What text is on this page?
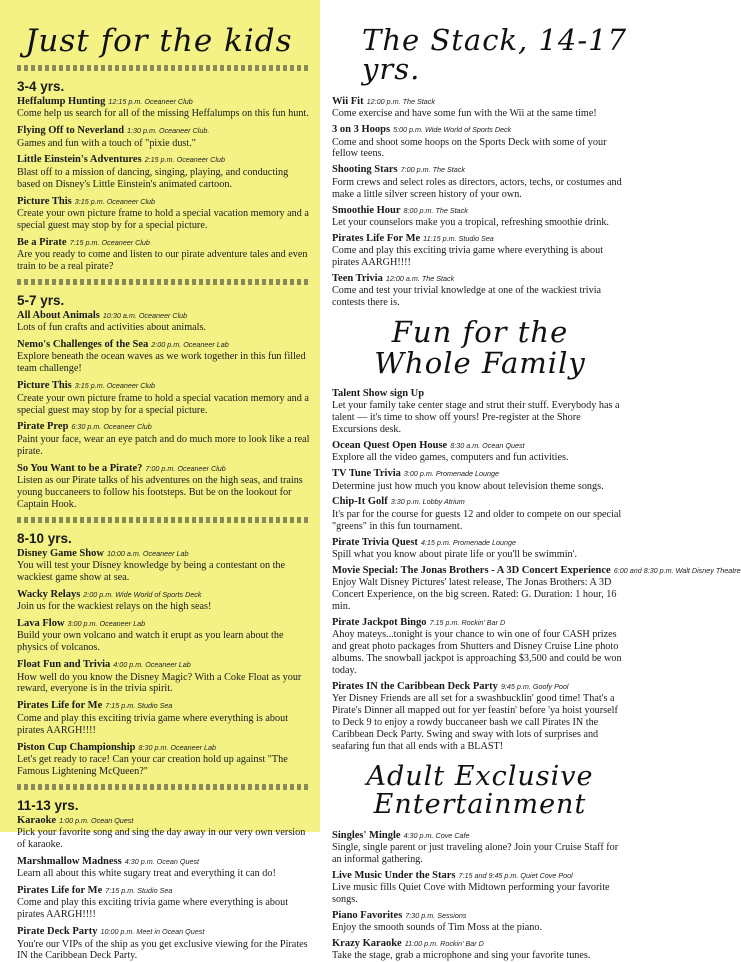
Just for the kids
3-4 yrs.
Heffalump Hunting 12:15 p.m. Oceaneer Club
Come help us search for all of the missing Heffalumps on this fun hunt.
Flying Off to Neverland 1:30 p.m. Oceaneer Club.
Games and fun with a touch of "pixie dust."
Little Einstein's Adventures 2:15 p.m. Oceaneer Club
Blast off to a mission of dancing, singing, playing, and conducting based on Disney's Little Einstein's animated cartoon.
Picture This 3:15 p.m. Oceaneer Club
Create your own picture frame to hold a special vacation memory and a special guest may stop by for a special picture.
Be a Pirate 7:15 p.m. Oceaneer Club
Are you ready to come and listen to our pirate adventure tales and even train to be a real pirate?
5-7 yrs.
All About Animals 10:30 a.m. Oceaneer Club
Lots of fun crafts and activities about animals.
Nemo's Challenges of the Sea 2:00 p.m. Oceaneer Lab
Explore beneath the ocean waves as we work together in this fun filled team challenge!
Picture This 3:15 p.m. Oceaneer Club
Create your own picture frame to hold a special vacation memory and a special guest may stop by for a special picture.
Pirate Prep 6:30 p.m. Oceaneer Club
Paint your face, wear an eye patch and do much more to look like a real pirate.
So You Want to be a Pirate? 7:00 p.m. Oceaneer Club
Listen as our Pirate talks of his adventures on the high seas, and trains young buccaneers to follow his footsteps. But be on the lookout for Captain Hook.
8-10 yrs.
Disney Game Show 10:00 a.m. Oceaneer Lab
You will test your Disney knowledge by being a contestant on the wackiest game show at sea.
Wacky Relays 2:00 p.m. Wide World of Sports Deck
Join us for the wackiest relays on the high seas!
Lava Flow 3:00 p.m. Oceaneer Lab
Build your own volcano and watch it erupt as you learn about the physics of volcanos.
Float Fun and Trivia 4:00 p.m. Oceaneer Lab
How well do you know the Disney Magic? With a Coke Float as your reward, everyone is in the trivia spirit.
Pirates Life for Me 7:15 p.m. Studio Sea
Come and play this exciting trivia game where everything is about pirates AARGH!!!!
Piston Cup Championship 8:30 p.m. Oceaneer Lab
Let's get ready to race! Can your car creation hold up against "The Famous Lightening McQueen?"
11-13 yrs.
Karaoke 1:00 p.m. Ocean Quest
Pick your favorite song and sing the day away in our very own version of karaoke.
Marshmallow Madness 4:30 p.m. Ocean Quest
Learn all about this white sugary treat and everything it can do!
Pirates Life for Me 7:15 p.m. Studio Sea
Come and play this exciting trivia game where everything is about pirates AARGH!!!!
Pirate Deck Party 10:00 p.m. Meet in Ocean Quest
You're our VIPs of the ship as you get exclusive viewing for the Pirates IN the Caribbean Deck Party.
The Stack, 14-17 yrs.
Wii Fit 12:00 p.m. The Stack
Come exercise and have some fun with the Wii at the same time!
3 on 3 Hoops 5:00 p.m. Wide World of Sports Deck
Come and shoot some hoops on the Sports Deck with some of your fellow teens.
Shooting Stars 7:00 p.m. The Stack
Form crews and select roles as directors, actors, techs, or costumes and make a little silver screen history of your own.
Smoothie Hour 8:00 p.m. The Stack
Let your counselors make you a tropical, refreshing smoothie drink.
Pirates Life For Me 11:15 p.m. Studio Sea
Come and play this exciting trivia game where everything is about pirates AARGH!!!!
Teen Trivia 12:00 a.m. The Stack
Come and test your trivial knowledge at one of the wackiest trivia contests there is.
Fun for the
Whole Family
Talent Show sign Up
Let your family take center stage and strut their stuff. Everybody has a talent — it's time to show off yours! Pre-register at the Shore Excursions desk.
Ocean Quest Open House 8:30 a.m. Ocean Quest
Explore all the video games, computers and fun activities.
TV Tune Trivia 3:00 p.m. Promenade Lounge
Determine just how much you know about television theme songs.
Chip-It Golf 3:30 p.m. Lobby Atrium
It's par for the course for guests 12 and older to compete on our special "greens" in this fun tournament.
Pirate Trivia Quest 4:15 p.m. Promenade Lounge
Spill what you know about pirate life or you'll be swimmin'.
Movie Special: The Jonas Brothers - A 3D Concert Experience 6:00 and 8:30 p.m. Walt Disney Theatre
Enjoy Walt Disney Pictures' latest release, The Jonas Brothers: A 3D Concert Experience, on the big screen. Rated: G. Duration: 1 hour, 16 min.
Pirate Jackpot Bingo 7:15 p.m. Rockin' Bar D
Ahoy mateys...tonight is your chance to win one of four CASH prizes and great photo packages from Shutters and Disney Cruise Line photo albums. The snowball jackpot is approaching $3,500 and could be won today.
Pirates IN the Caribbean Deck Party 9:45 p.m. Goofy Pool
Yer Disney Friends are all set for a swashbucklin' good time! That's a Pirate's Dinner all mapped out for yer feastin' before 'ya hoist yourself to Deck 9 to enjoy a rowdy buccaneer bash we call Pirates IN the Caribbean Deck Party. Swing and sway with lots of surprises and seafaring fun that all ends with a BLAST!
Adult Exclusive
Entertainment
Singles' Mingle 4:30 p.m. Cove Cafe
Single, single parent or just traveling alone? Join your Cruise Staff for an informal gathering.
Live Music Under the Stars 7:15 and 9:45 p.m. Quiet Cove Pool
Live music fills Quiet Cove with Midtown performing your favorite songs.
Piano Favorites 7:30 p.m. Sessions
Enjoy the smooth sounds of Tim Moss at the piano.
Krazy Karaoke 11:00 p.m. Rockin' Bar D
Take the stage, grab a microphone and sing your favorite tunes.
